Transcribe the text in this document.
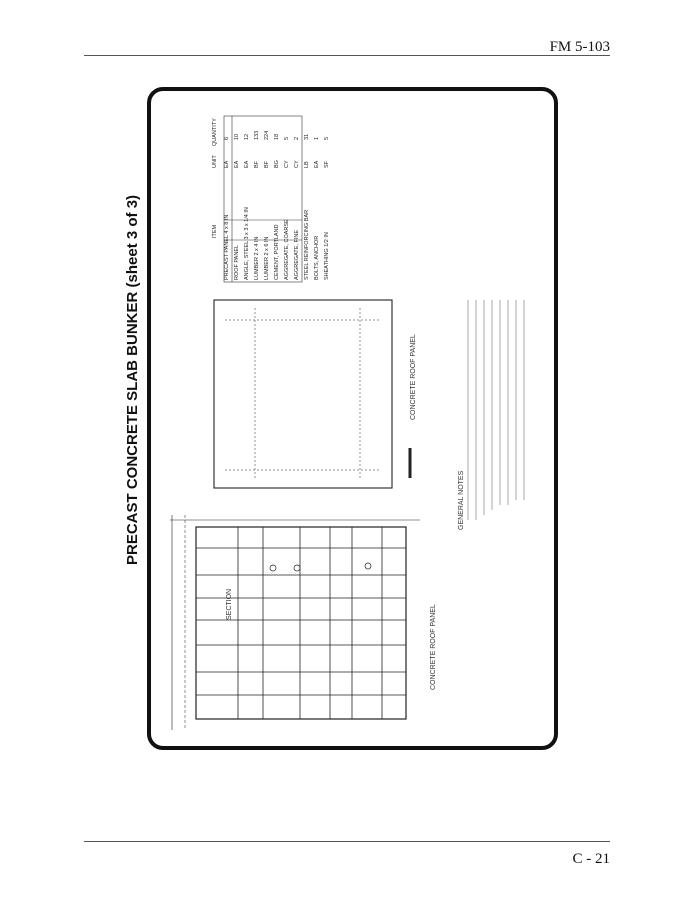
FM 5-103
PRECAST CONCRETE SLAB BUNKER (sheet 3 of 3)
SECTION	CONCRETE ROOF PANEL
CONCRETE ROOF PANEL
GENERAL NOTES
ITEM
UNIT
QUANTITY
PRECAST PANEL 4 x 8 IN ROOF PANEL ANGLE, STEEL 3 x 3 x 1/4 IN LUMBER 2 x 4 IN LUMBER 2 x 6 IN CEMENT, PORTLAND AGGREGATE, COARSE AGGREGATE, FINE STEEL REINFORCING BAR BOLTS, ANCHOR SHEATHING 1/2 IN
EA EA EA BF BF BG CY CY LB EA SF
6 10 12 133 224 18 5 2 31 1 5
C - 21
